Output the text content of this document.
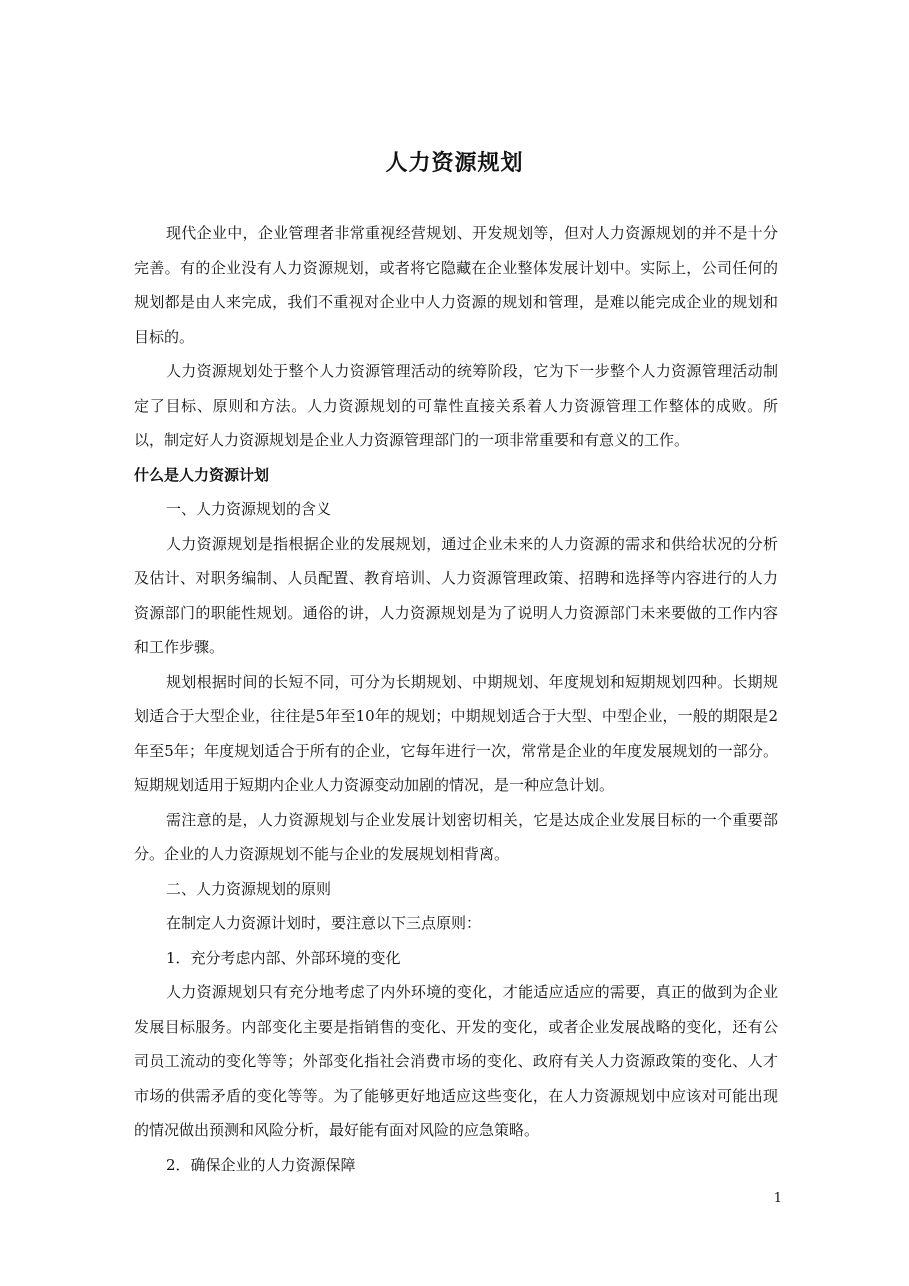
人力资源规划

现代企业中，企业管理者非常重视经营规划、开发规划等，但对人力资源规划的并不是十分完善。有的企业没有人力资源规划，或者将它隐藏在企业整体发展计划中。实际上，公司任何的规划都是由人来完成，我们不重视对企业中人力资源的规划和管理，是难以能完成企业的规划和目标的。

人力资源规划处于整个人力资源管理活动的统筹阶段，它为下一步整个人力资源管理活动制定了目标、原则和方法。人力资源规划的可靠性直接关系着人力资源管理工作整体的成败。所以，制定好人力资源规划是企业人力资源管理部门的一项非常重要和有意义的工作。

什么是人力资源计划

一、人力资源规划的含义

人力资源规划是指根据企业的发展规划，通过企业未来的人力资源的需求和供给状况的分析及估计、对职务编制、人员配置、教育培训、人力资源管理政策、招聘和选择等内容进行的人力资源部门的职能性规划。通俗的讲，人力资源规划是为了说明人力资源部门未来要做的工作内容和工作步骤。

规划根据时间的长短不同，可分为长期规划、中期规划、年度规划和短期规划四种。长期规划适合于大型企业，往往是5年至10年的规划；中期规划适合于大型、中型企业，一般的期限是2年至5年；年度规划适合于所有的企业，它每年进行一次，常常是企业的年度发展规划的一部分。短期规划适用于短期内企业人力资源变动加剧的情况，是一种应急计划。

需注意的是，人力资源规划与企业发展计划密切相关，它是达成企业发展目标的一个重要部分。企业的人力资源规划不能与企业的发展规划相背离。

二、人力资源规划的原则

在制定人力资源计划时，要注意以下三点原则：

1．充分考虑内部、外部环境的变化

人力资源规划只有充分地考虑了内外环境的变化，才能适应适应的需要，真正的做到为企业发展目标服务。内部变化主要是指销售的变化、开发的变化，或者企业发展战略的变化，还有公司员工流动的变化等等；外部变化指社会消费市场的变化、政府有关人力资源政策的变化、人才市场的供需矛盾的变化等等。为了能够更好地适应这些变化，在人力资源规划中应该对可能出现的情况做出预测和风险分析，最好能有面对风险的应急策略。

2．确保企业的人力资源保障

1
